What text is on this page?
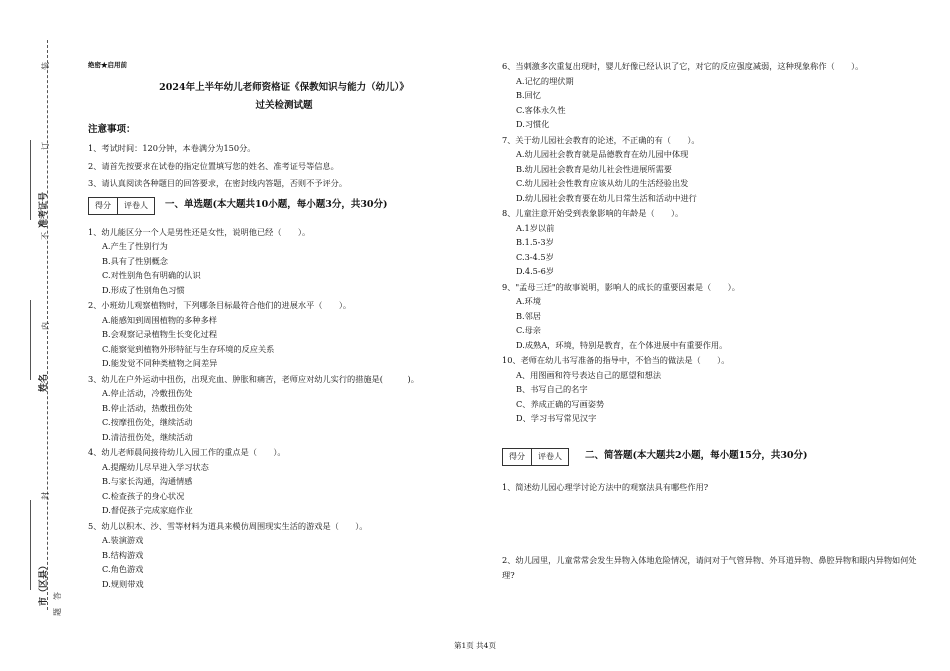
装
订
不
内
封
答
题
准考证号
姓名
市（区县）
绝密★启用前
2024年上半年幼儿老师资格证《保教知识与能力（幼儿）》
过关检测试题
注意事项：
1、考试时间：120分钟，本卷满分为150分。
2、请首先按要求在试卷的指定位置填写您的姓名、准考证号等信息。
3、请认真阅读各种题目的回答要求，在密封线内答题，否则不予评分。
得分	评卷人	一、单选题(本大题共10小题，每小题3分，共30分)
1、幼儿能区分一个人是男性还是女性，说明他已经（　　）。
A.产生了性别行为
B.具有了性别概念
C.对性别角色有明确的认识
D.形成了性别角色习惯
2、小班幼儿观察植物时，下列哪条目标最符合他们的进展水平（　　）。
A.能感知到周围植物的多种多样
B.会观察记录植物生长变化过程
C.能察觉到植物外形特征与生存环境的反应关系
D.能发觉不同种类植物之间差异
3、幼儿在户外运动中扭伤，出现充血、肿胀和痛苦，老师应对幼儿实行的措施是(　　　)。
A.停止活动，冷敷扭伤处
B.停止活动，热敷扭伤处
C.按摩扭伤处，继续活动
D.清洁扭伤处，继续活动
4、幼儿老师晨间接待幼儿入园工作的重点是（　　）。
A.提醒幼儿尽早进入学习状态
B.与家长沟通，沟通情感
C.检查孩子的身心状况
D.督促孩子完成家庭作业
5、幼儿以积木、沙、雪等材料为道具来模仿周围现实生活的游戏是（　　）。
A.装演游戏
B.结构游戏
C.角色游戏
D.规则带戏
6、当刺激多次重复出现时，婴儿好像已经认识了它，对它的反应强度减弱，这种现象称作（　　）。
A.记忆的埋伏期
B.回忆
C.客体永久性
D.习惯化
7、关于幼儿园社会教育的论述，不正确的有（　　）。
A.幼儿园社会教育就是品德教育在幼儿园中体现
B.幼儿园社会教育是幼儿社会性进展所需要
C.幼儿园社会性教育应该从幼儿的生活经验出发
D.幼儿园社会教育要在幼儿日常生活和活动中进行
8、儿童注意开始受到表象影响的年龄是（　　）。
A.1岁以前
B.1.5-3岁
C.3-4.5岁
D.4.5-6岁
9、"孟母三迁"的故事说明，影响人的成长的重要因素是（　　）。
A.环境
B.邻居
C.母亲
D.成熟A，环境，特别是教育，在个体进展中有重要作用。
10、老师在幼儿书写准备的指导中，不恰当的做法是（　　）。
A、用图画和符号表达自己的愿望和想法
B、书写自己的名字
C、养成正确的写画姿势
D、学习书写常见汉字
得分	评卷人	二、简答题(本大题共2小题，每小题15分，共30分)
1、简述幼儿园心理学讨论方法中的观察法具有哪些作用?
2、幼儿园里，儿童常常会发生异物入体地危险情况，请问对于气管异物、外耳道异物、鼻腔异物和眼内异物如何处理?
第1页 共4页
